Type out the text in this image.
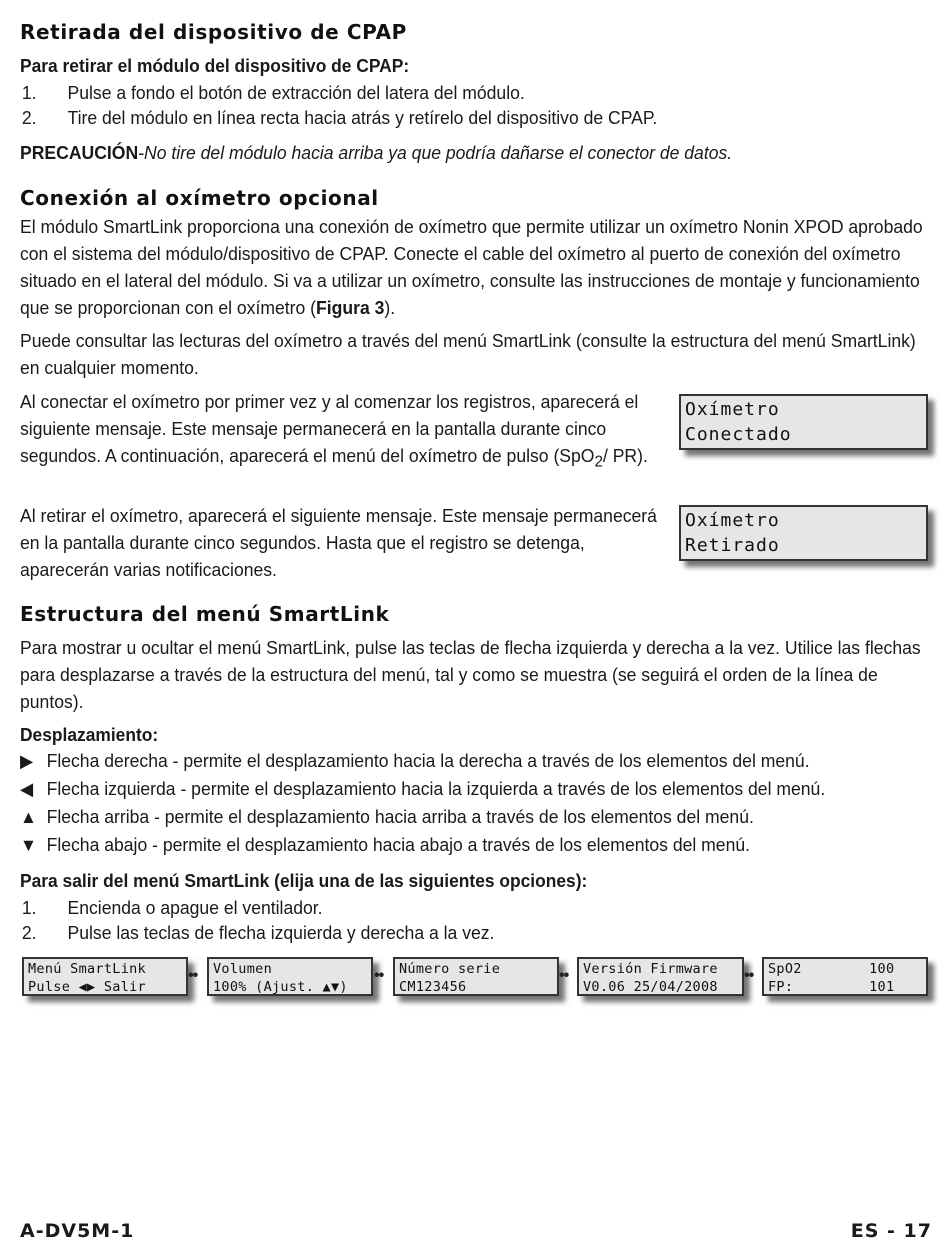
Retirada del dispositivo de CPAP
Para retirar el módulo del dispositivo de CPAP:
1. Pulse a fondo el botón de extracción del latera del módulo.
2. Tire del módulo en línea recta hacia atrás y retírelo del dispositivo de CPAP.

PRECAUCIÓN-No tire del módulo hacia arriba ya que podría dañarse el conector de datos.

Conexión al oxímetro opcional

El módulo SmartLink proporciona una conexión de oxímetro que permite utilizar un oxímetro Nonin XPOD aprobado con el sistema del módulo/dispositivo de CPAP. Conecte el cable del oxímetro al puerto de conexión del oxímetro situado en el lateral del módulo. Si va a utilizar un oxímetro, consulte las instrucciones de montaje y funcionamiento que se proporcionan con el oxímetro (Figura 3).

Puede consultar las lecturas del oxímetro a través del menú SmartLink (consulte la estructura del menú SmartLink) en cualquier momento.

Al conectar el oxímetro por primer vez y al comenzar los registros, aparecerá el siguiente mensaje. Este mensaje permanecerá en la pantalla durante cinco segundos. A continuación, aparecerá el menú del oxímetro de pulso (SpO$_2$/ PR).

Al retirar el oxímetro, aparecerá el siguiente mensaje. Este mensaje permanecerá en la pantalla durante cinco segundos. Hasta que el registro se detenga, aparecerán varias notificaciones.

Oxímetro
Conectado
Oxímetro
Retirado
Estructura del menú SmartLink

Para mostrar u ocultar el menú SmartLink, pulse las teclas de flecha izquierda y derecha a la vez. Utilice las flechas para desplazarse a través de la estructura del menú, tal y como se muestra (se seguirá el orden de la línea de puntos).

Desplazamiento:
▶ Flecha derecha - permite el desplazamiento hacia la derecha a través de los elementos del menú.
◀ Flecha izquierda - permite el desplazamiento hacia la izquierda a través de los elementos del menú.
▲ Flecha arriba - permite el desplazamiento hacia arriba a través de los elementos del menú.
▼ Flecha abajo - permite el desplazamiento hacia abajo a través de los elementos del menú.
Para salir del menú SmartLink (elija una de las siguientes opciones):
1. Encienda o apague el ventilador.
2. Pulse las teclas de flecha izquierda y derecha a la vez.
Menú SmartLink
Pulse ◀▶ Salir
•• Volumen
100% (Ajust. ▲▼)
•• Número serie
CM123456
•• Versión Firmware
V0.06 25/04/2008
•• SpO2        100
FP:         101
A-DV5M-1	ES - 17
